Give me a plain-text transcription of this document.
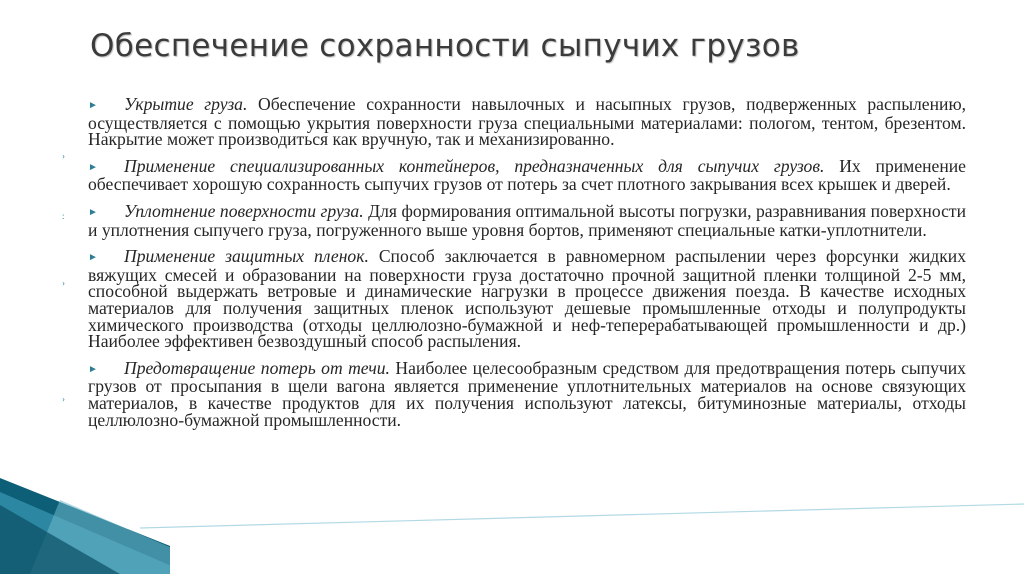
Обеспечение сохранности сыпучих грузов
›
:
›
›

► Укрытие груза. Обеспечение сохранности навылочных и насыпных грузов, подверженных распылению, осуществляется с помощью укрытия поверхности груза специальными материалами: пологом, тентом, брезентом. Накрытие может производиться как вручную, так и механизированно.

► Применение специализированных контейнеров, предназначенных для сыпучих грузов. Их применение обеспечивает хорошую сохранность сыпучих грузов от потерь за счет плотного закрывания всех крышек и дверей.

► Уплотнение поверхности груза. Для формирования оптимальной высоты погрузки, разравнивания поверхности и уплотнения сыпучего груза, погруженного выше уровня бортов, применяют специальные катки-уплотнители.

► Применение защитных пленок. Способ заключается в равномерном распылении через форсунки жидких вяжущих смесей и образовании на поверхности груза достаточно прочной защитной пленки толщиной 2-5 мм, способной выдержать ветровые и динамические нагрузки в процессе движения поезда. В качестве исходных материалов для получения защитных пленок используют дешевые промышленные отходы и полупродукты химического производства (отходы целлюлозно-бумажной и неф-теперерабатывающей промышленности и др.) Наиболее эффективен безвоздушный способ распыления.

► Предотвращение потерь от течи. Наиболее целесообразным средством для предотвращения потерь сыпучих грузов от просыпания в щели вагона является применение уплотнительных материалов на основе связующих материалов, в качестве продуктов для их получения используют латексы, битуминозные материалы, отходы целлюлозно-бумажной промышленности.
